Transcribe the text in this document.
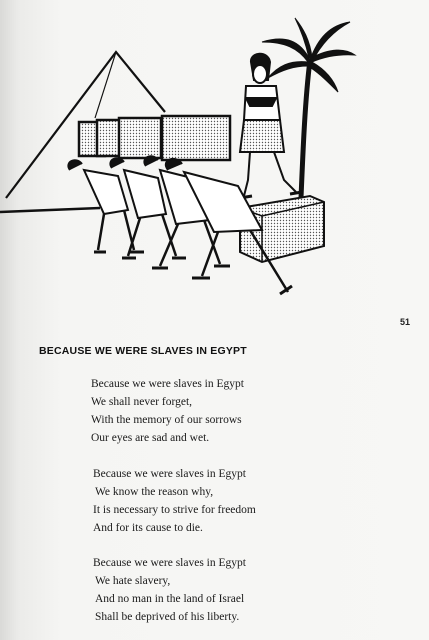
51
BECAUSE WE WERE SLAVES IN EGYPT
Because we were slaves in Egypt
We shall never forget,
With the memory of our sorrows
Our eyes are sad and wet.
Because we were slaves in Egypt
We know the reason why,
It is necessary to strive for freedom
And for its cause to die.
Because we were slaves in Egypt
We hate slavery,
And no man in the land of Israel
Shall be deprived of his liberty.
